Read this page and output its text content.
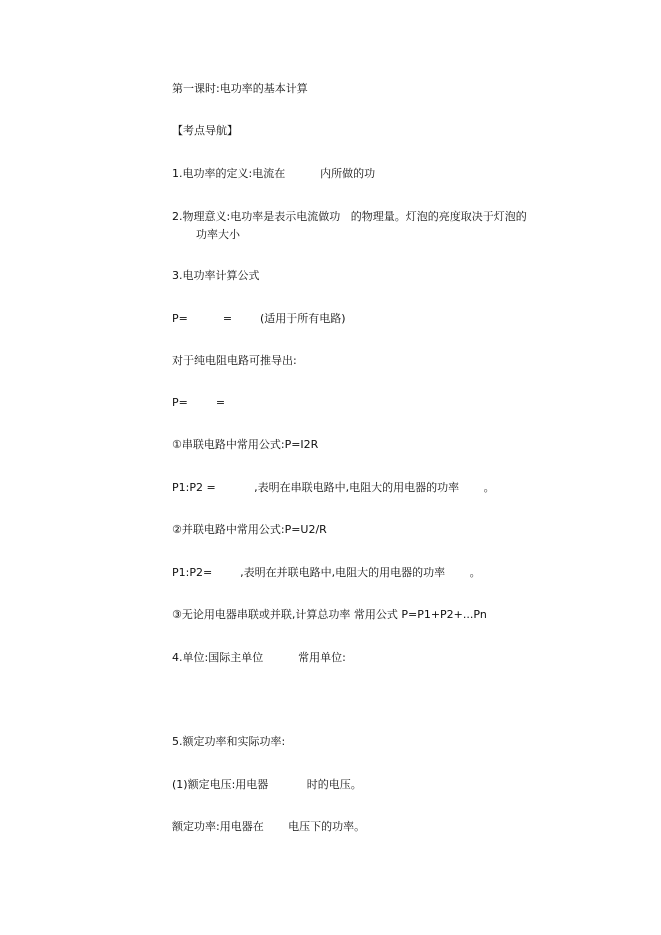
第一课时:电功率的基本计算

【考点导航】

1.电功率的定义:电流在          内所做的功

2.物理意义:电功率是表示电流做功   的物理量。灯泡的亮度取决于灯泡的

功率大小

3.电功率计算公式

P=          =        (适用于所有电路)

对于纯电阻电路可推导出:

P=        =

①串联电路中常用公式:P=I2R

P1:P2 =           ,表明在串联电路中,电阻大的用电器的功率       。

②并联电路中常用公式:P=U2/R

P1:P2=        ,表明在并联电路中,电阻大的用电器的功率       。

③无论用电器串联或并联,计算总功率 常用公式 P=P1+P2+...Pn

4.单位:国际主单位          常用单位:

5.额定功率和实际功率:

(1)额定电压:用电器           时的电压。

额定功率:用电器在       电压下的功率。
